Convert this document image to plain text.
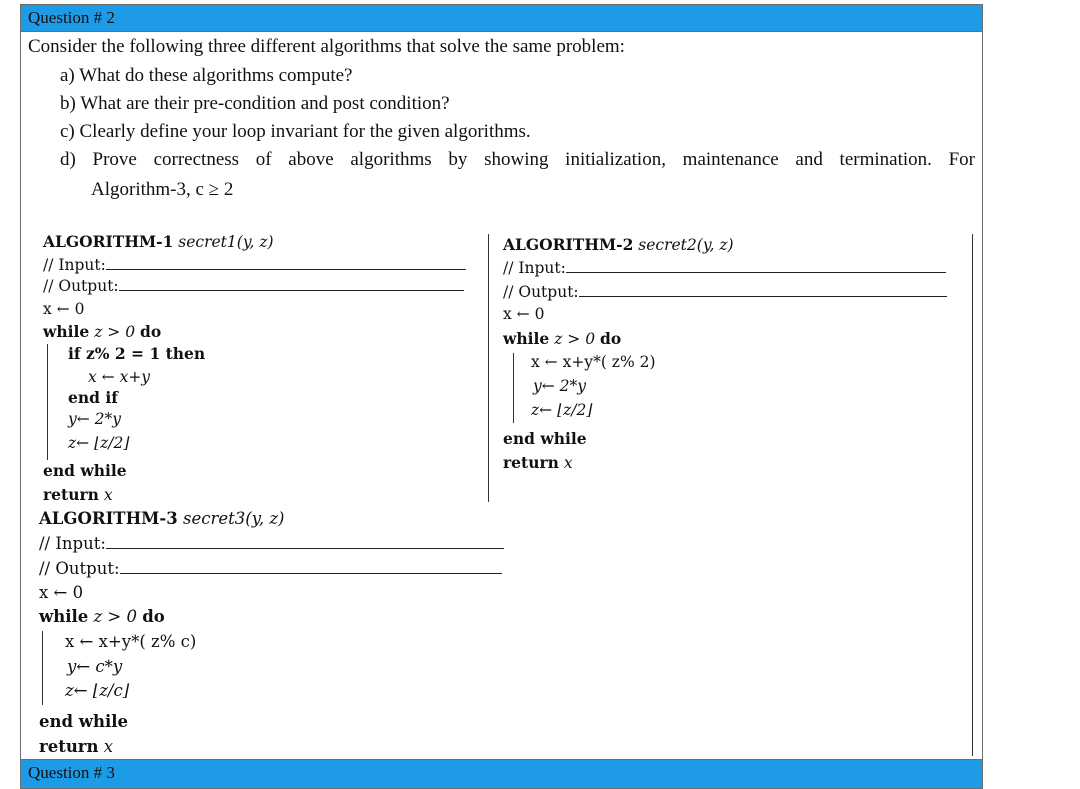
Question # 2
Consider the following three different algorithms that solve the same problem:
a) What do these algorithms compute?
b) What are their pre-condition and post condition?
c) Clearly define your loop invariant for the given algorithms.
d) Prove correctness of above algorithms by showing initialization, maintenance and termination. For
Algorithm-3, c ≥ 2
ALGORITHM-1 secret1(y, z)
// Input:
// Output:
x ← 0
while z > 0 do
if z% 2 = 1 then
x ← x+y
end if
y← 2*y
z← ⌊z/2⌋
end while
return x
ALGORITHM-2 secret2(y, z)
// Input:
// Output:
x ← 0
while z > 0 do
x ← x+y*( z% 2)
y← 2*y
z← ⌊z/2⌋
end while
return x
ALGORITHM-3 secret3(y, z)
// Input:
// Output:
x ← 0
while z > 0 do
x ← x+y*( z% c)
y← c*y
z← ⌊z/c⌋
end while
return x
Question # 3
